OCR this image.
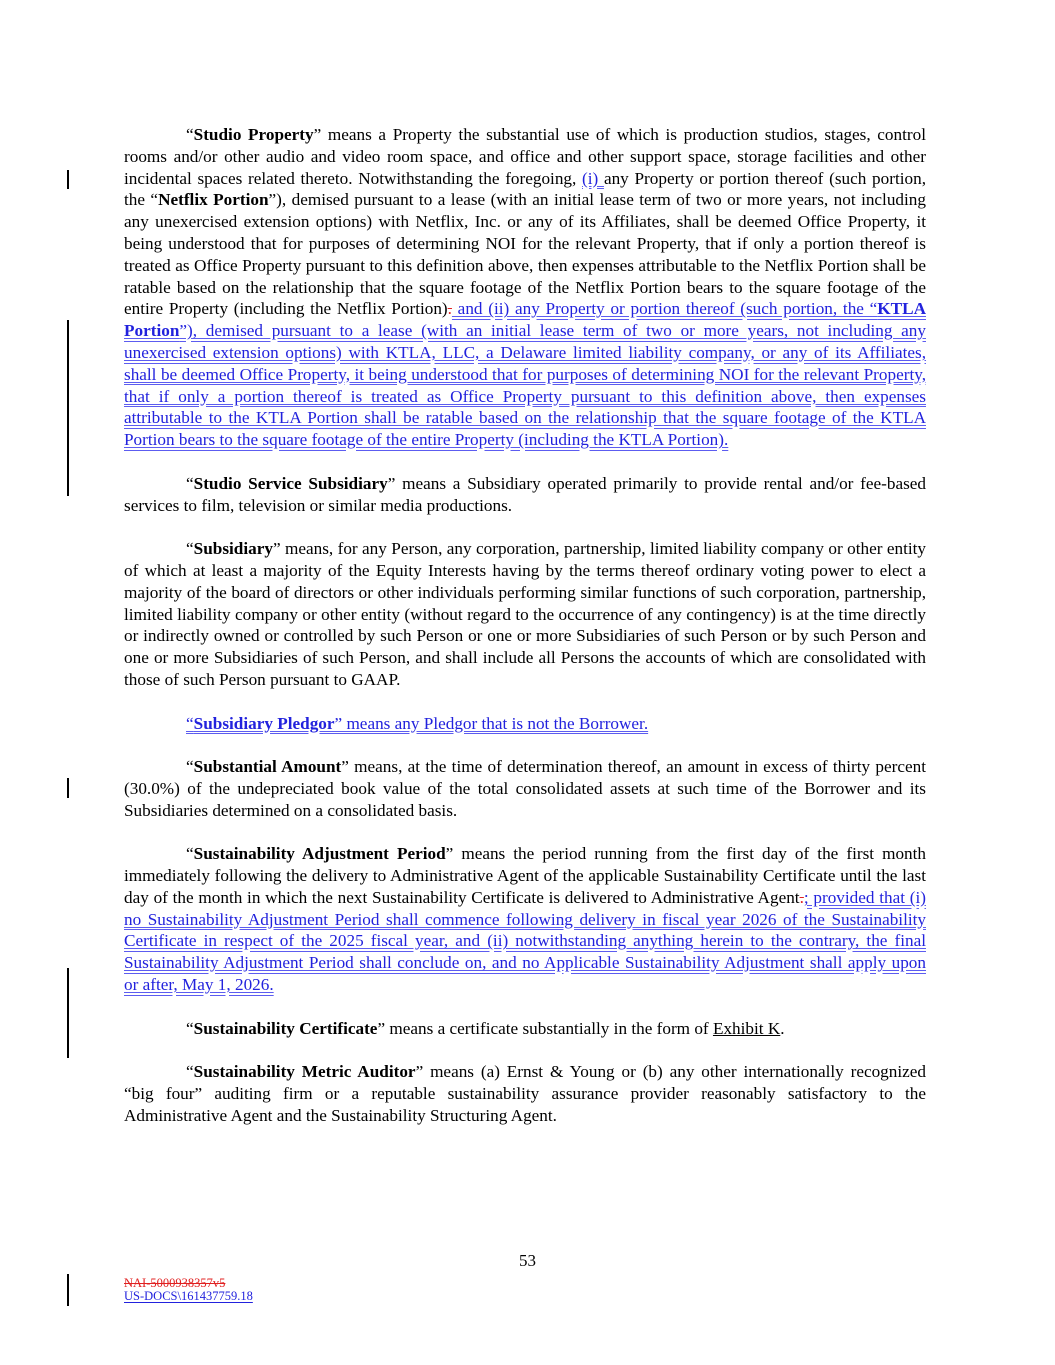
“Studio Property” means a Property the substantial use of which is production studios, stages, control rooms and/or other audio and video room space, and office and other support space, storage facilities and other incidental spaces related thereto. Notwithstanding the foregoing, (i) any Property or portion thereof (such portion, the “Netflix Portion”), demised pursuant to a lease (with an initial lease term of two or more years, not including any unexercised extension options) with Netflix, Inc. or any of its Affiliates, shall be deemed Office Property, it being understood that for purposes of determining NOI for the relevant Property, that if only a portion thereof is treated as Office Property pursuant to this definition above, then expenses attributable to the Netflix Portion shall be ratable based on the relationship that the square footage of the Netflix Portion bears to the square footage of the entire Property (including the Netflix Portion). and (ii) any Property or portion thereof (such portion, the “KTLA Portion”), demised pursuant to a lease (with an initial lease term of two or more years, not including any unexercised extension options) with KTLA, LLC, a Delaware limited liability company, or any of its Affiliates, shall be deemed Office Property, it being understood that for purposes of determining NOI for the relevant Property, that if only a portion thereof is treated as Office Property pursuant to this definition above, then expenses attributable to the KTLA Portion shall be ratable based on the relationship that the square footage of the KTLA Portion bears to the square footage of the entire Property (including the KTLA Portion).

“Studio Service Subsidiary” means a Subsidiary operated primarily to provide rental and/or fee-based services to film, television or similar media productions.

“Subsidiary” means, for any Person, any corporation, partnership, limited liability company or other entity of which at least a majority of the Equity Interests having by the terms thereof ordinary voting power to elect a majority of the board of directors or other individuals performing similar functions of such corporation, partnership, limited liability company or other entity (without regard to the occurrence of any contingency) is at the time directly or indirectly owned or controlled by such Person or one or more Subsidiaries of such Person or by such Person and one or more Subsidiaries of such Person, and shall include all Persons the accounts of which are consolidated with those of such Person pursuant to GAAP.

“Subsidiary Pledgor” means any Pledgor that is not the Borrower.

“Substantial Amount” means, at the time of determination thereof, an amount in excess of thirty percent (30.0%) of the undepreciated book value of the total consolidated assets at such time of the Borrower and its Subsidiaries determined on a consolidated basis.

“Sustainability Adjustment Period” means the period running from the first day of the first month immediately following the delivery to Administrative Agent of the applicable Sustainability Certificate until the last day of the month in which the next Sustainability Certificate is delivered to Administrative Agent.; provided that (i) no Sustainability Adjustment Period shall commence following delivery in fiscal year 2026 of the Sustainability Certificate in respect of the 2025 fiscal year, and (ii) notwithstanding anything herein to the contrary, the final Sustainability Adjustment Period shall conclude on, and no Applicable Sustainability Adjustment shall apply upon or after, May 1, 2026.

“Sustainability Certificate” means a certificate substantially in the form of Exhibit K.

“Sustainability Metric Auditor” means (a) Ernst & Young or (b) any other internationally recognized “big four” auditing firm or a reputable sustainability assurance provider reasonably satisfactory to the Administrative Agent and the Sustainability Structuring Agent.

53
NAI-5000938357v5
US-DOCS\161437759.18
